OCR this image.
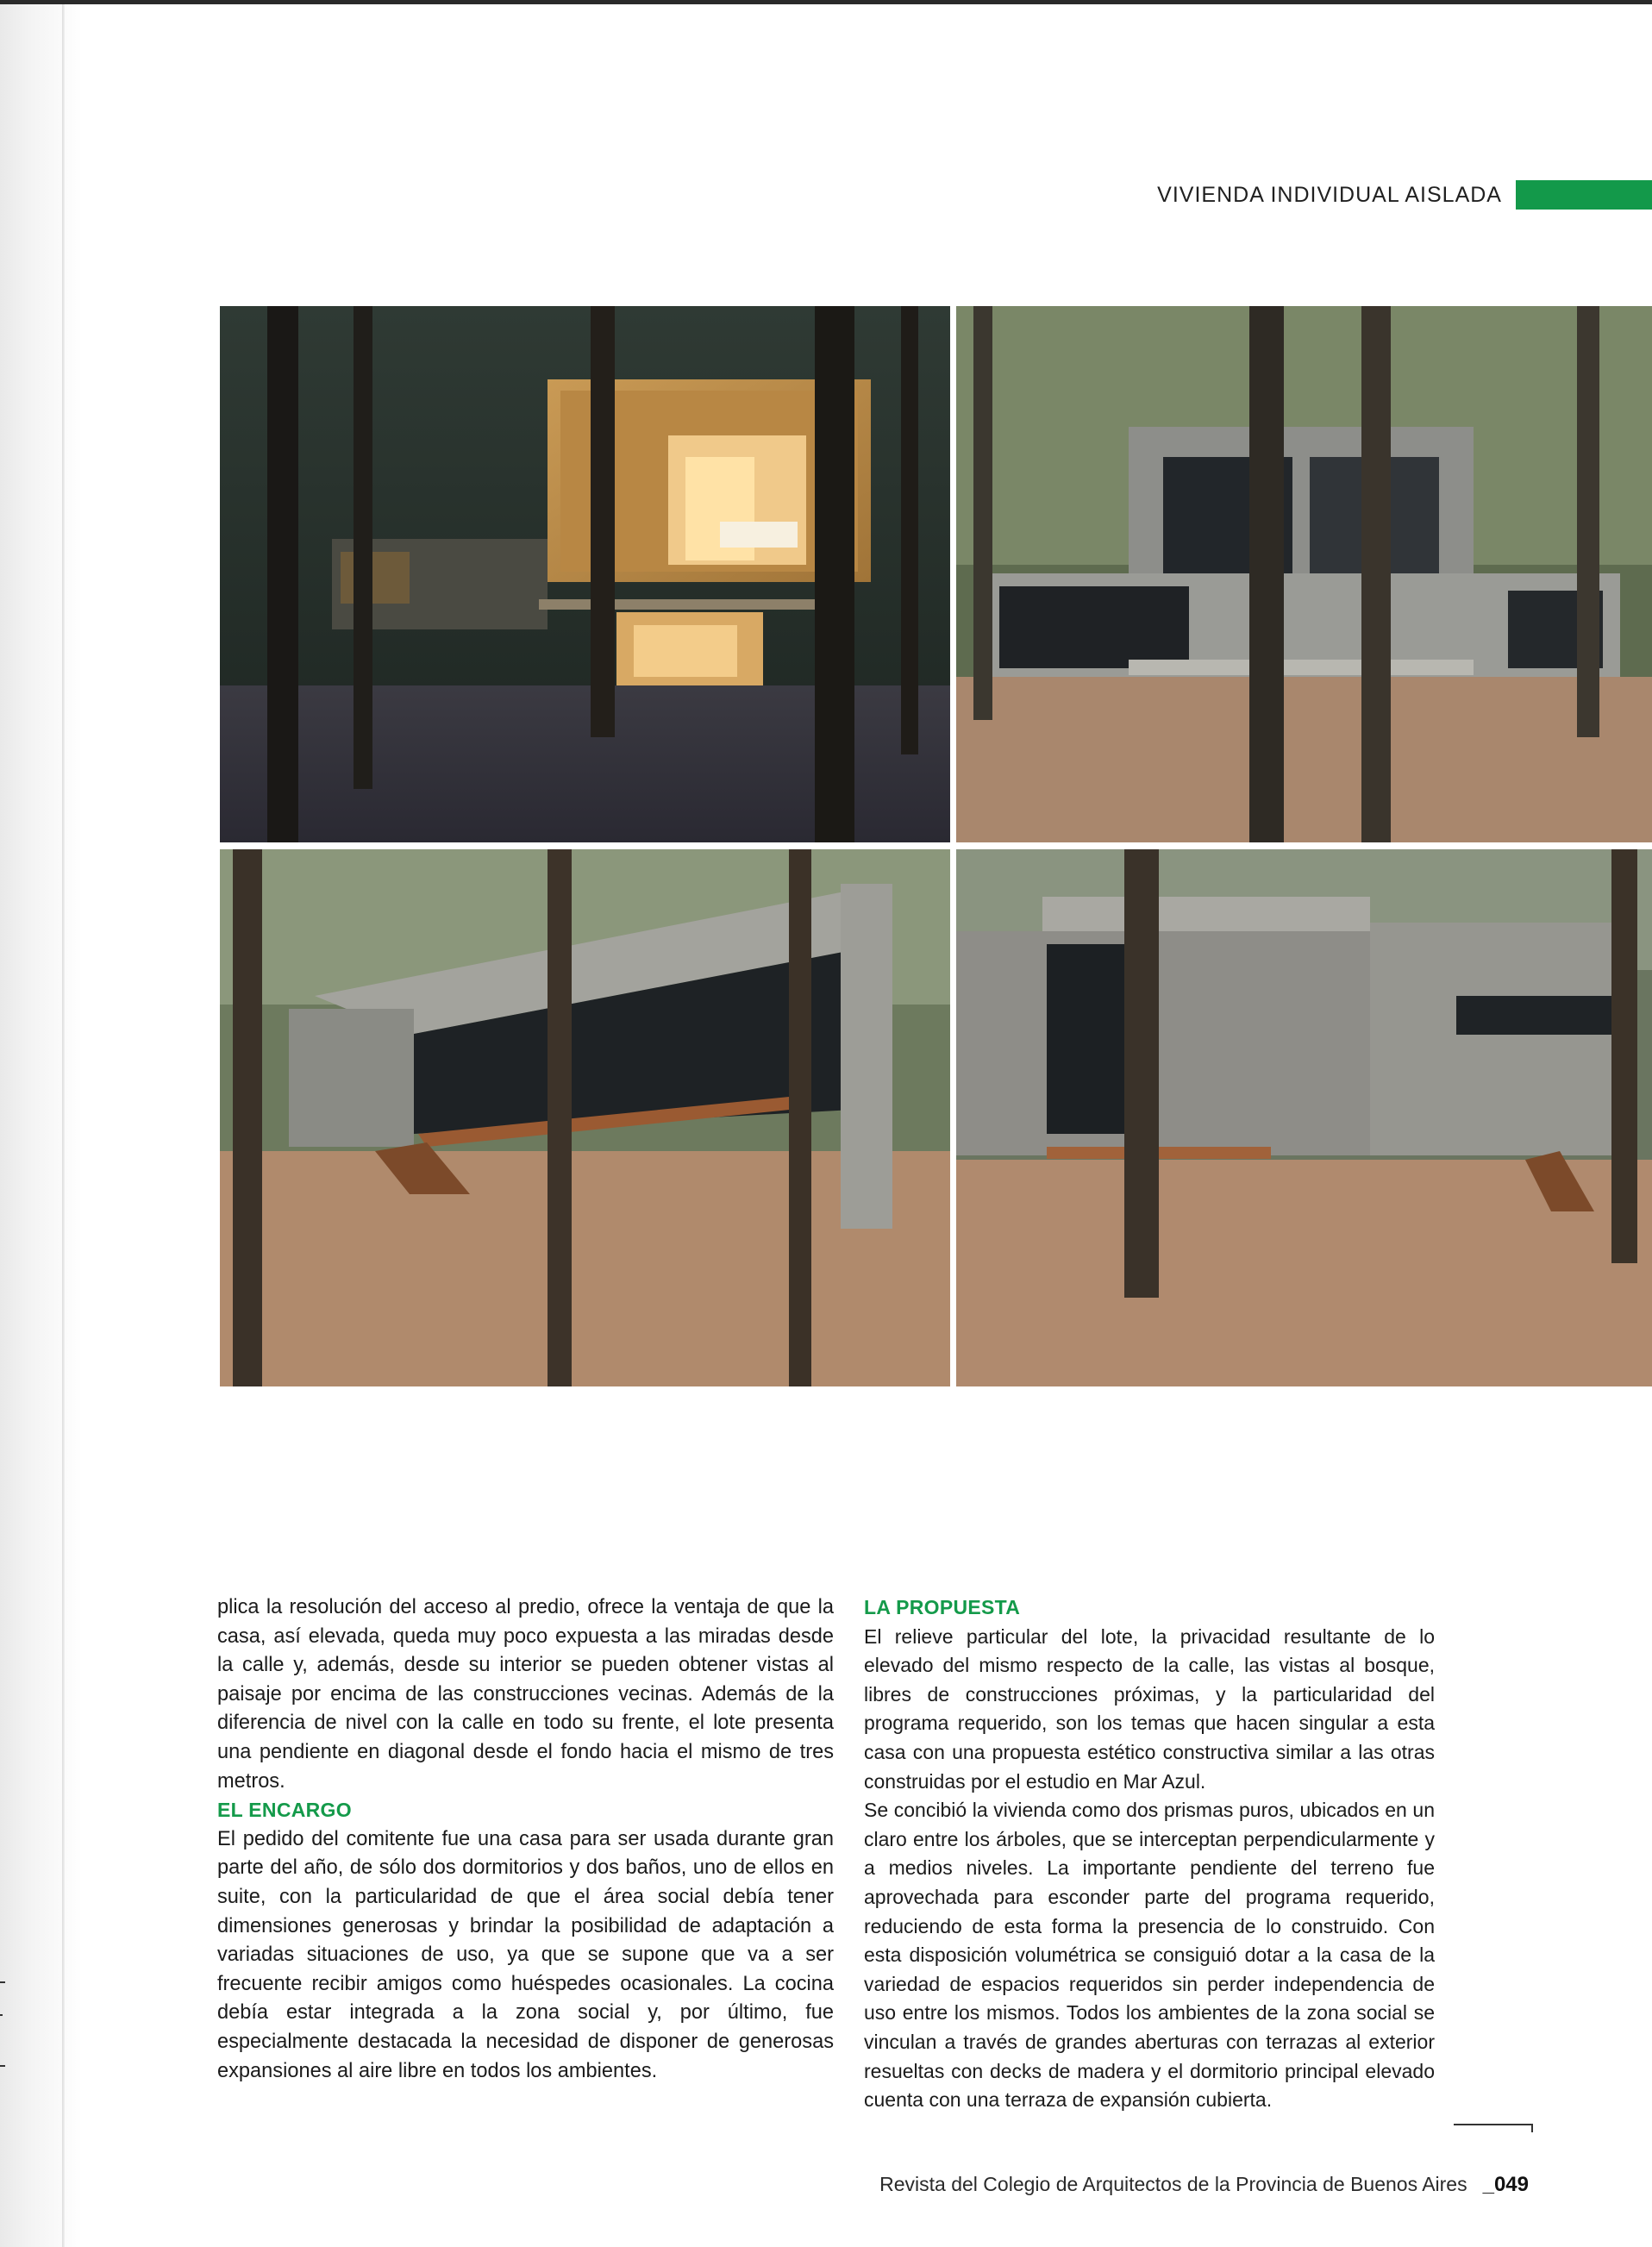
VIVIENDA INDIVIDUAL AISLADA

plica la resolución del acceso al predio, ofrece la ventaja de que la casa, así elevada, queda muy poco expuesta a las miradas desde la calle y, además, desde su interior se pueden obtener vistas al paisaje por encima de las construcciones vecinas. Además de la diferencia de nivel con la calle en todo su frente, el lote presenta una pendiente en diagonal desde el fondo hacia el mismo de tres metros.

EL ENCARGO

El pedido del comitente fue una casa para ser usada durante gran parte del año, de sólo dos dormitorios y dos baños, uno de ellos en suite, con la particularidad de que el área social debía tener dimensiones generosas y brindar la posibilidad de adaptación a variadas situaciones de uso, ya que se supone que va a ser frecuente recibir amigos como huéspedes ocasionales. La cocina debía estar integrada a la zona social y, por último, fue especialmente destacada la necesidad de disponer de generosas expansiones al aire libre en todos los ambientes.

LA PROPUESTA

El relieve particular del lote, la privacidad resultante de lo elevado del mismo respecto de la calle, las vistas al bosque, libres de construcciones próximas, y la particularidad del programa requerido, son los temas que hacen singular a esta casa con una propuesta estético constructiva similar a las otras construidas por el estudio en Mar Azul.

Se concibió la vivienda como dos prismas puros, ubicados en un claro entre los árboles, que se interceptan perpendicularmente y a medios niveles. La importante pendiente del terreno fue aprovechada para esconder parte del programa requerido, reduciendo de esta forma la presencia de lo construido. Con esta disposición volumétrica se consiguió dotar a la casa de la variedad de espacios requeridos sin perder independencia de uso entre los mismos. Todos los ambientes de la zona social se vinculan a través de grandes aberturas con terrazas al exterior resueltas con decks de madera y el dormitorio principal elevado cuenta con una terraza de expansión cubierta.

Revista del Colegio de Arquitectos de la Provincia de Buenos Aires _049
